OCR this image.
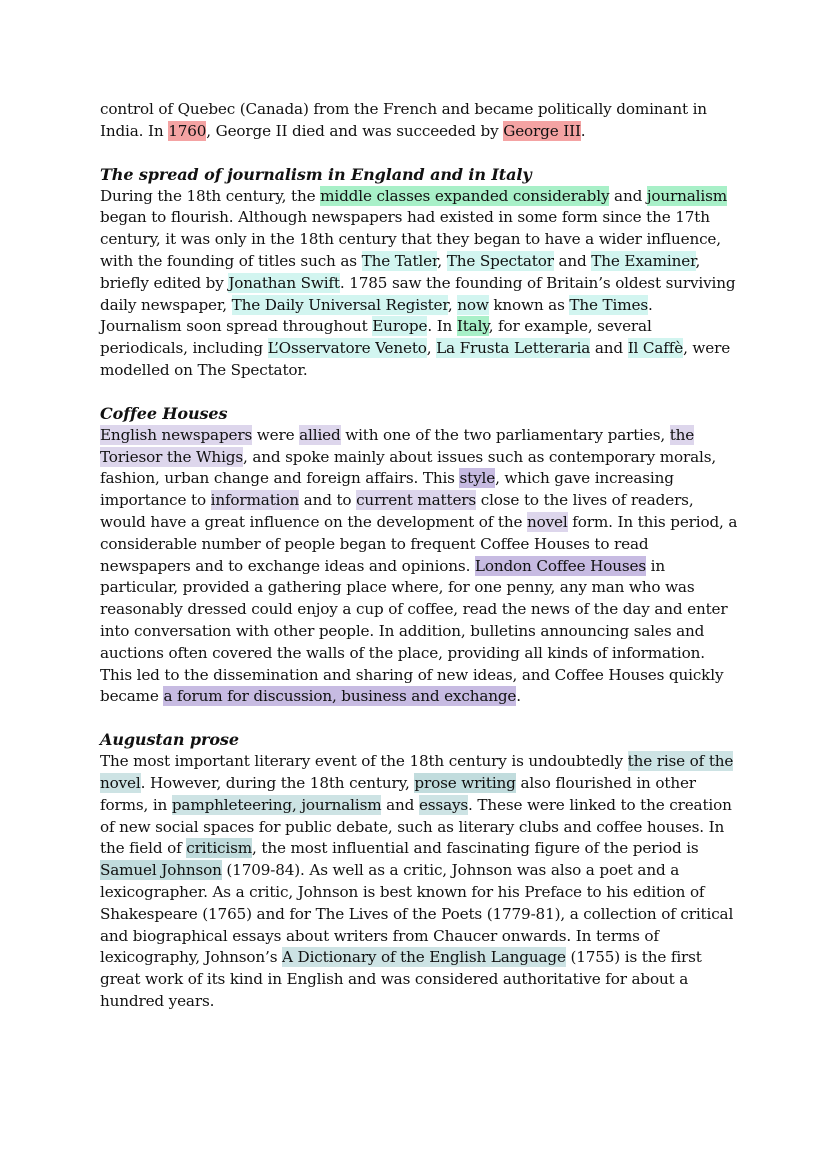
control of Quebec (Canada) from the French and became politically dominant in India. In 1760, George II died and was succeeded by George III.

The spread of journalism in England and in Italy

During the 18th century, the middle classes expanded considerably and journalism began to flourish. Although newspapers had existed in some form since the 17th century, it was only in the 18th century that they began to have a wider influence, with the founding of titles such as The Tatler, The Spectator and The Examiner, briefly edited by Jonathan Swift. 1785 saw the founding of Britain’s oldest surviving daily newspaper, The Daily Universal Register, now known as The Times. Journalism soon spread throughout Europe. In Italy, for example, several periodicals, including L’Osservatore Veneto, La Frusta Letteraria and Il Caffè, were modelled on The Spectator.

Coffee Houses

English newspapers were allied with one of the two parliamentary parties, the Toriesor the Whigs, and spoke mainly about issues such as contemporary morals, fashion, urban change and foreign affairs. This style, which gave increasing importance to information and to current matters close to the lives of readers, would have a great influence on the development of the novel form. In this period, a considerable number of people began to frequent Coffee Houses to read newspapers and to exchange ideas and opinions. London Coffee Houses in particular, provided a gathering place where, for one penny, any man who was reasonably dressed could enjoy a cup of coffee, read the news of the day and enter into conversation with other people. In addition, bulletins announcing sales and auctions often covered the walls of the place, providing all kinds of information. This led to the dissemination and sharing of new ideas, and Coffee Houses quickly became a forum for discussion, business and exchange.

Augustan prose

The most important literary event of the 18th century is undoubtedly the rise of the novel. However, during the 18th century, prose writing also flourished in other forms, in pamphleteering, journalism and essays. These were linked to the creation of new social spaces for public debate, such as literary clubs and coffee houses. In the field of criticism, the most influential and fascinating figure of the period is Samuel Johnson (1709-84). As well as a critic, Johnson was also a poet and a lexicographer. As a critic, Johnson is best known for his Preface to his edition of Shakespeare (1765) and for The Lives of the Poets (1779-81), a collection of critical and biographical essays about writers from Chaucer onwards. In terms of lexicography, Johnson’s A Dictionary of the English Language (1755) is the first great work of its kind in English and was considered authoritative for about a hundred years.
